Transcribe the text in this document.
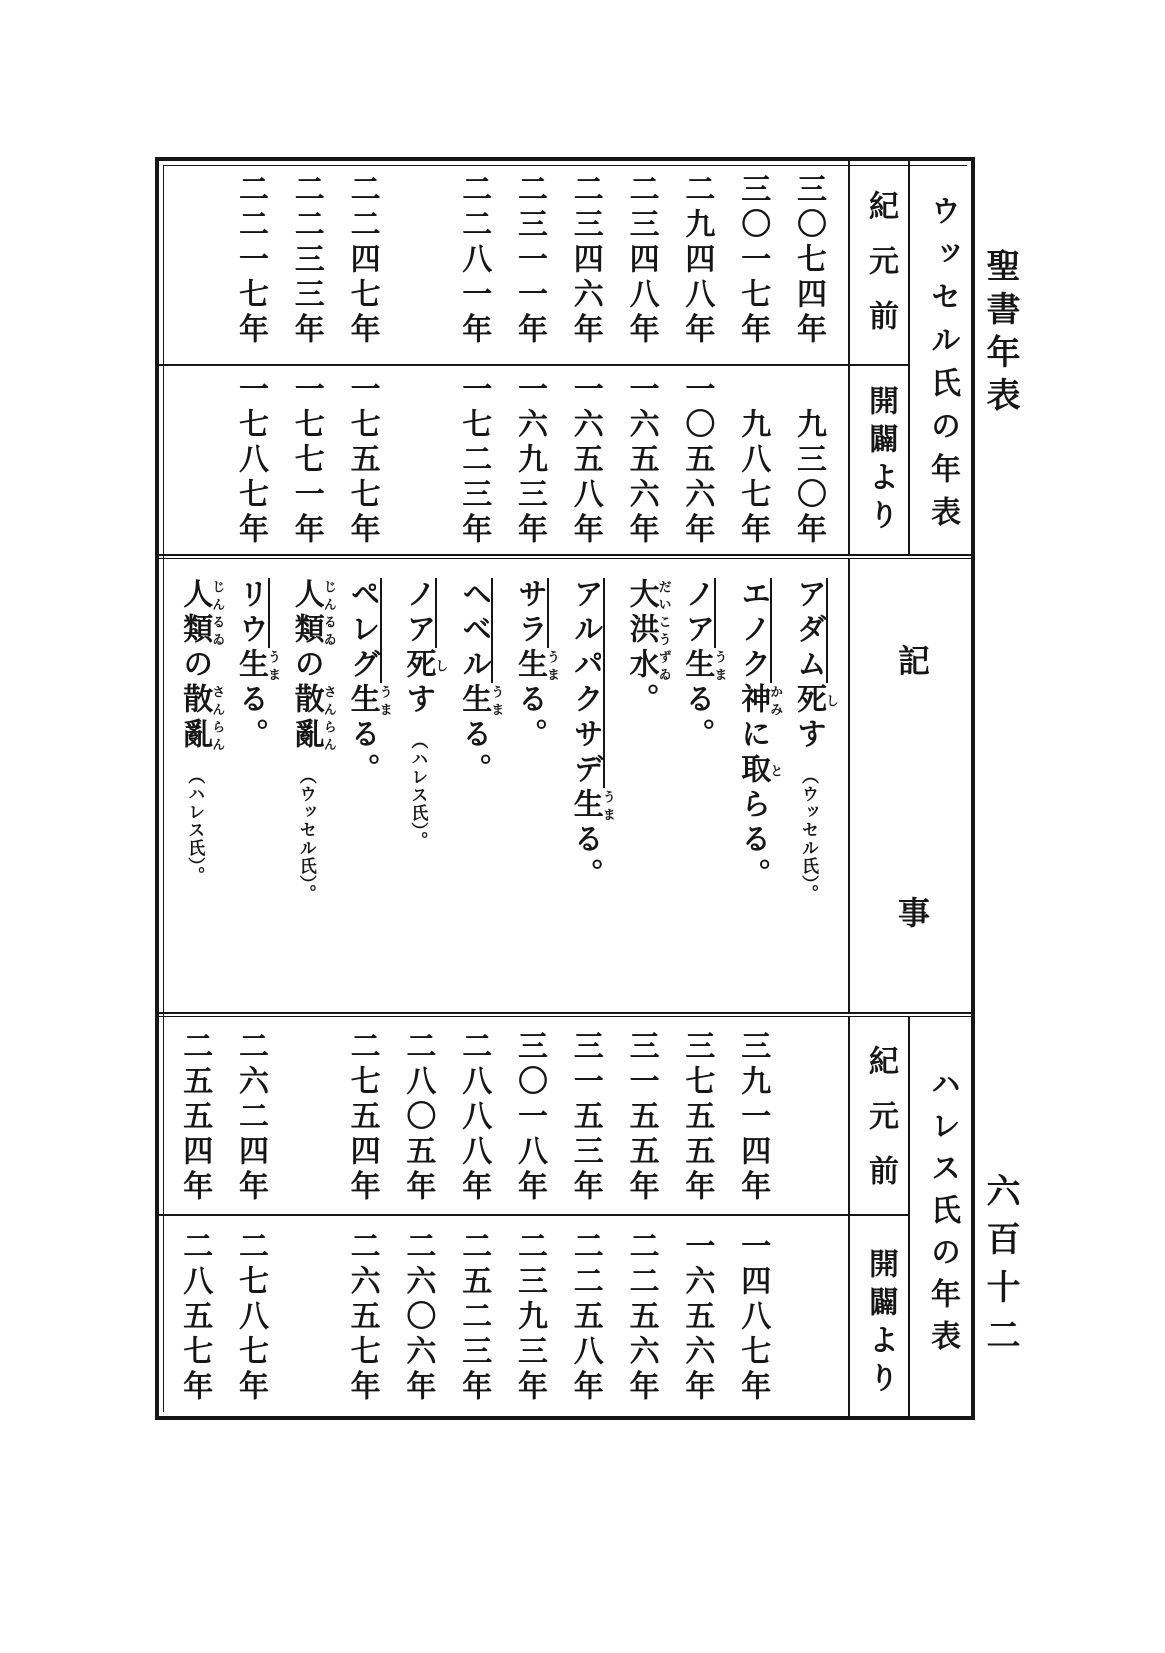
聖書年表
六百十二
ウッセル氏の年表
紀元前
開闢より
記
事
ハレス氏の年表
紀元前
開闢より
三〇七四年
九三〇年
アダム死しす（ウッセル氏）。
三〇一七年
九八七年
三九一四年
一四八七年
エノク神かみに取とらる。
二九四八年
一〇五六年
三七五五年
一六五六年
ノア生うまる。
二三四八年
一六五六年
三一五五年
二二五六年
大だい洪こう水ずゐ。
二三四六年
一六五八年
三一五三年
二二五八年
アルパクサデ生うまる。
二三一一年
一六九三年
三〇一八年
二三九三年
サラ生うまる。
二二八一年
一七二三年
二八八八年
二五二三年
ヘベル生うまる。
二八〇五年
二六〇六年
ノア死しす（ハレス氏）。
二二四七年
一七五七年
二七五四年
二六五七年
ペレグ生うまる。
二二三三年
一七七一年
人じん類るゐの散さん亂らん（ウッセル氏）。
二二一七年
一七八七年
二六二四年
二七八七年
リウ生うまる。
二五五四年
二八五七年
人じん類るゐの散さん亂らん（ハレス氏）。
